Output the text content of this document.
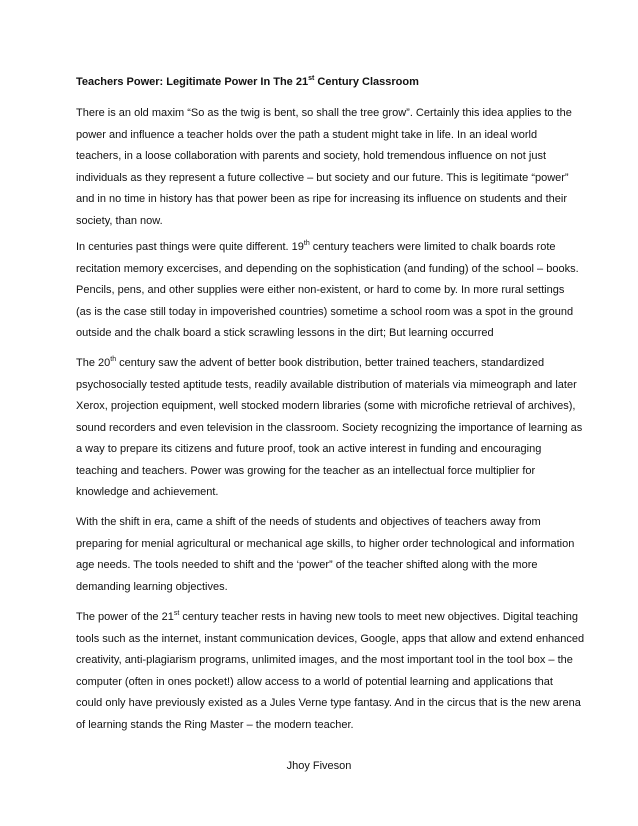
Teachers Power: Legitimate Power In The 21st Century Classroom

There is an old maxim “So as the twig is bent, so shall the tree grow”. Certainly this idea applies to the
power and influence a teacher holds over the path a student might take in life. In an ideal world
teachers, in a loose collaboration with parents and society, hold tremendous influence on not just
individuals as they represent a future collective – but society and our future. This is legitimate “power”
and in no time in history has that power been as ripe for increasing its influence on students and their
society, than now.

In centuries past things were quite different. 19th century teachers were limited to chalk boards rote
recitation memory excercises, and depending on the sophistication (and funding) of the school – books.
Pencils, pens, and other supplies were either non-existent, or hard to come by. In more rural settings
(as is the case still today in impoverished countries) sometime a school room was a spot in the ground
outside and the chalk board a stick scrawling lessons in the dirt; But learning occurred

The 20th century saw the advent of better book distribution, better trained teachers, standardized
psychosocially tested aptitude tests, readily available distribution of materials via mimeograph and later
Xerox, projection equipment, well stocked modern libraries (some with microfiche retrieval of archives),
sound recorders and even television in the classroom. Society recognizing the importance of learning as
a way to prepare its citizens and future proof, took an active interest in funding and encouraging
teaching and teachers. Power was growing for the teacher as an intellectual force multiplier for
knowledge and achievement.

With the shift in era, came a shift of the needs of students and objectives of teachers away from
preparing for menial agricultural or mechanical age skills, to higher order technological and information
age needs. The tools needed to shift and the ‘power” of the teacher shifted along with the more
demanding learning objectives.

The power of the 21st century teacher rests in having new tools to meet new objectives. Digital teaching
tools such as the internet, instant communication devices, Google, apps that allow and extend enhanced
creativity, anti-plagiarism programs, unlimited images, and the most important tool in the tool box – the
computer (often in ones pocket!) allow access to a world of potential learning and applications that
could only have previously existed as a Jules Verne type fantasy. And in the circus that is the new arena
of learning stands the Ring Master – the modern teacher.

Jhoy Fiveson
